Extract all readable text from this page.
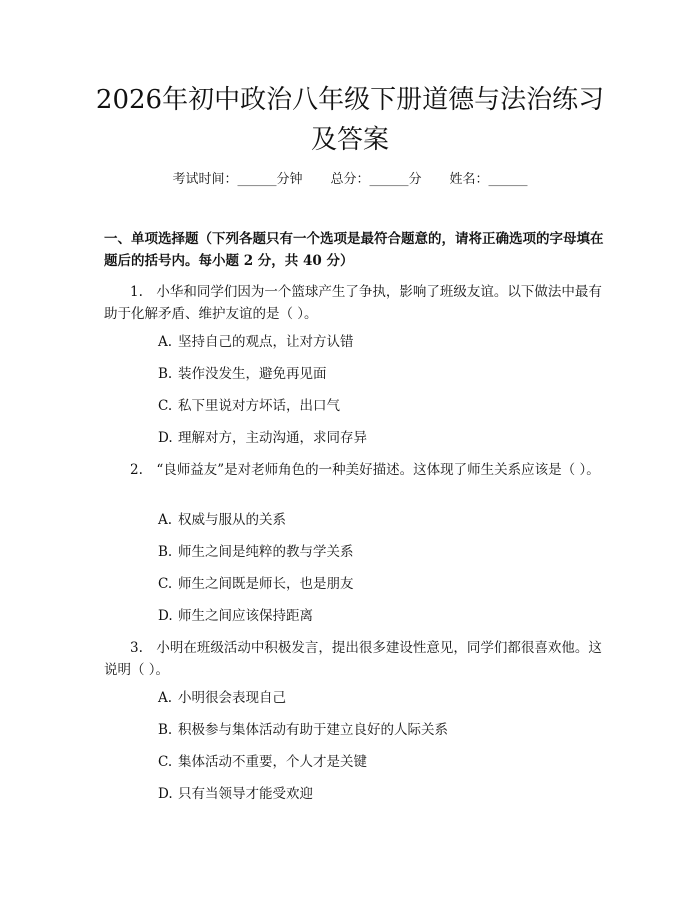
2026年初中政治八年级下册道德与法治练习
及答案
考试时间：______分钟 总分：______分 姓名：______
一、单项选择题（下列各题只有一个选项是最符合题意的，请将正确选项的字母填在题后的括号内。每小题 2 分，共 40 分）
1.　小华和同学们因为一个篮球产生了争执，影响了班级友谊。以下做法中最有助于化解矛盾、维护友谊的是（ ）。
A. 坚持自己的观点，让对方认错
B. 装作没发生，避免再见面
C. 私下里说对方坏话，出口气
D. 理解对方，主动沟通，求同存异
2.　“良师益友”是对老师角色的一种美好描述。这体现了师生关系应该是（ ）。
A. 权威与服从的关系
B. 师生之间是纯粹的教与学关系
C. 师生之间既是师长，也是朋友
D. 师生之间应该保持距离
3.　小明在班级活动中积极发言，提出很多建设性意见，同学们都很喜欢他。这说明（ ）。
A. 小明很会表现自己
B. 积极参与集体活动有助于建立良好的人际关系
C. 集体活动不重要，个人才是关键
D. 只有当领导才能受欢迎
